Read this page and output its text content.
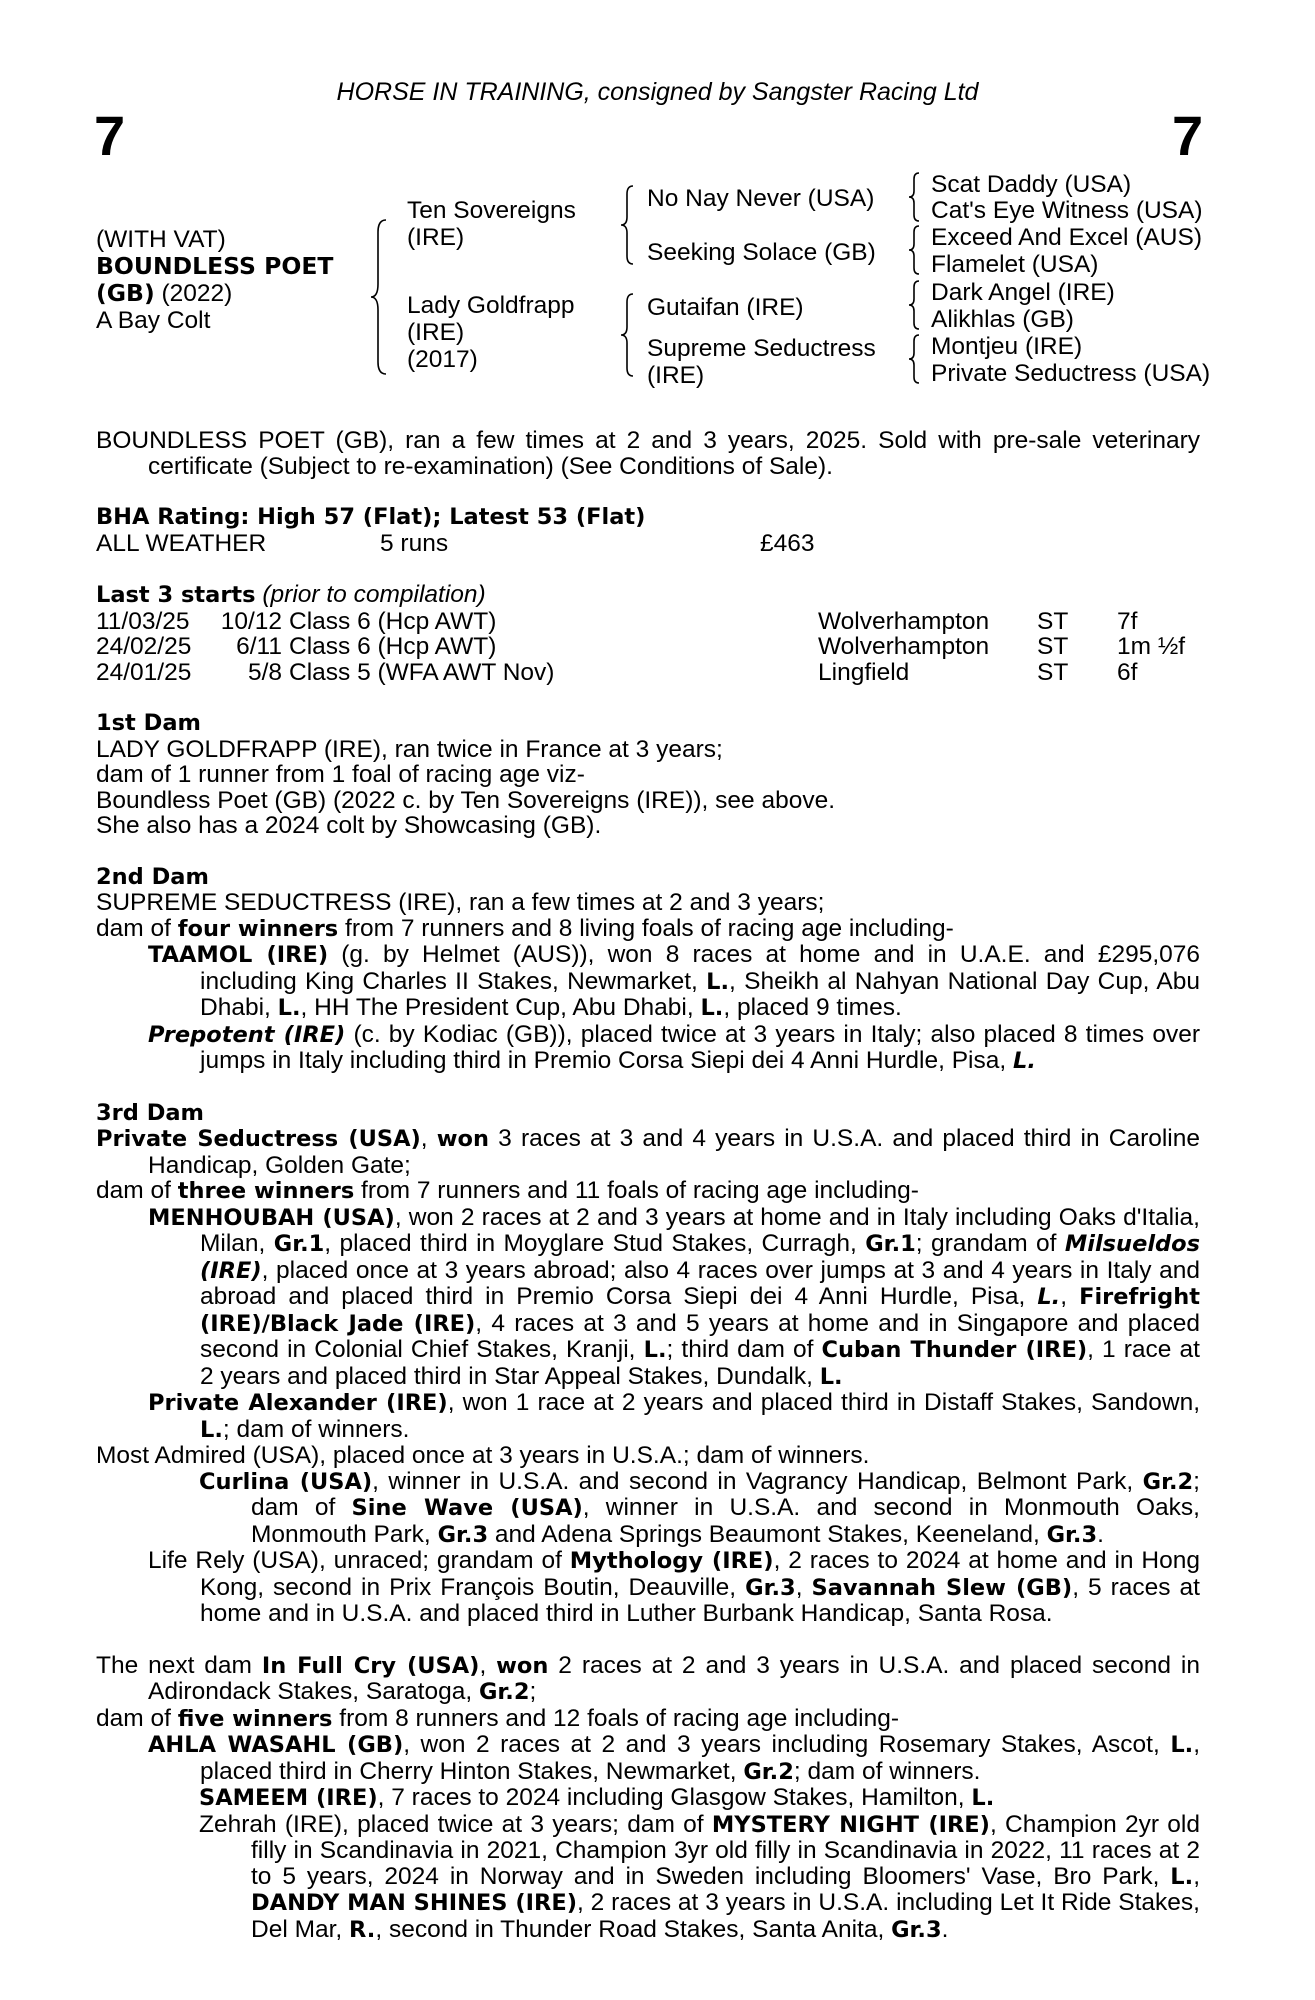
HORSE IN TRAINING, consigned by Sangster Racing Ltd
7	7
(WITH VAT)
BOUNDLESS POET
(GB) (2022)
A Bay Colt
Ten Sovereigns
(IRE)
Lady Goldfrapp
(IRE)
(2017)
No Nay Never (USA)
Seeking Solace (GB)
Gutaifan (IRE)
Supreme Seductress
(IRE)
Scat Daddy (USA)
Cat's Eye Witness (USA)
Exceed And Excel (AUS)
Flamelet (USA)
Dark Angel (IRE)
Alikhlas (GB)
Montjeu (IRE)
Private Seductress (USA)

BOUNDLESS POET (GB), ran a few times at 2 and 3 years, 2025. Sold with pre-sale veterinary certificate (Subject to re-examination) (See Conditions of Sale).

BHA Rating: High 57 (Flat); Latest 53 (Flat)

ALL WEATHER	5 runs	£463

Last 3 starts (prior to compilation)

11/03/25	10/12 Class 6 (Hcp AWT)	Wolverhampton ST 7f
24/02/25	6/11 Class 6 (Hcp AWT)	Wolverhampton ST 1m ½f
24/01/25	5/8 Class 5 (WFA AWT Nov)	Lingfield	ST 6f

1st Dam

LADY GOLDFRAPP (IRE), ran twice in France at 3 years;

dam of 1 runner from 1 foal of racing age viz-

Boundless Poet (GB) (2022 c. by Ten Sovereigns (IRE)), see above.

She also has a 2024 colt by Showcasing (GB).

2nd Dam

SUPREME SEDUCTRESS (IRE), ran a few times at 2 and 3 years;

dam of four winners from 7 runners and 8 living foals of racing age including-

TAAMOL (IRE) (g. by Helmet (AUS)), won 8 races at home and in U.A.E. and £295,076 including King Charles II Stakes, Newmarket, L., Sheikh al Nahyan National Day Cup, Abu Dhabi, L., HH The President Cup, Abu Dhabi, L., placed 9 times.

Prepotent (IRE) (c. by Kodiac (GB)), placed twice at 3 years in Italy; also placed 8 times over jumps in Italy including third in Premio Corsa Siepi dei 4 Anni Hurdle, Pisa, L.

3rd Dam

Private Seductress (USA), won 3 races at 3 and 4 years in U.S.A. and placed third in Caroline Handicap, Golden Gate;

dam of three winners from 7 runners and 11 foals of racing age including-

MENHOUBAH (USA), won 2 races at 2 and 3 years at home and in Italy including Oaks d'Italia, Milan, Gr.1, placed third in Moyglare Stud Stakes, Curragh, Gr.1; grandam of Milsueldos (IRE), placed once at 3 years abroad; also 4 races over jumps at 3 and 4 years in Italy and abroad and placed third in Premio Corsa Siepi dei 4 Anni Hurdle, Pisa, L., Firefright (IRE)/Black Jade (IRE), 4 races at 3 and 5 years at home and in Singapore and placed second in Colonial Chief Stakes, Kranji, L.; third dam of Cuban Thunder (IRE), 1 race at 2 years and placed third in Star Appeal Stakes, Dundalk, L.

Private Alexander (IRE), won 1 race at 2 years and placed third in Distaff Stakes, Sandown, L.; dam of winners.

Most Admired (USA), placed once at 3 years in U.S.A.; dam of winners.

Curlina (USA), winner in U.S.A. and second in Vagrancy Handicap, Belmont Park, Gr.2; dam of Sine Wave (USA), winner in U.S.A. and second in Monmouth Oaks, Monmouth Park, Gr.3 and Adena Springs Beaumont Stakes, Keeneland, Gr.3.

Life Rely (USA), unraced; grandam of Mythology (IRE), 2 races to 2024 at home and in Hong Kong, second in Prix François Boutin, Deauville, Gr.3, Savannah Slew (GB), 5 races at home and in U.S.A. and placed third in Luther Burbank Handicap, Santa Rosa.

The next dam In Full Cry (USA), won 2 races at 2 and 3 years in U.S.A. and placed second in Adirondack Stakes, Saratoga, Gr.2;

dam of five winners from 8 runners and 12 foals of racing age including-

AHLA WASAHL (GB), won 2 races at 2 and 3 years including Rosemary Stakes, Ascot, L., placed third in Cherry Hinton Stakes, Newmarket, Gr.2; dam of winners.

SAMEEM (IRE), 7 races to 2024 including Glasgow Stakes, Hamilton, L.

Zehrah (IRE), placed twice at 3 years; dam of MYSTERY NIGHT (IRE), Champion 2yr old filly in Scandinavia in 2021, Champion 3yr old filly in Scandinavia in 2022, 11 races at 2 to 5 years, 2024 in Norway and in Sweden including Bloomers' Vase, Bro Park, L., DANDY MAN SHINES (IRE), 2 races at 3 years in U.S.A. including Let It Ride Stakes, Del Mar, R., second in Thunder Road Stakes, Santa Anita, Gr.3.
